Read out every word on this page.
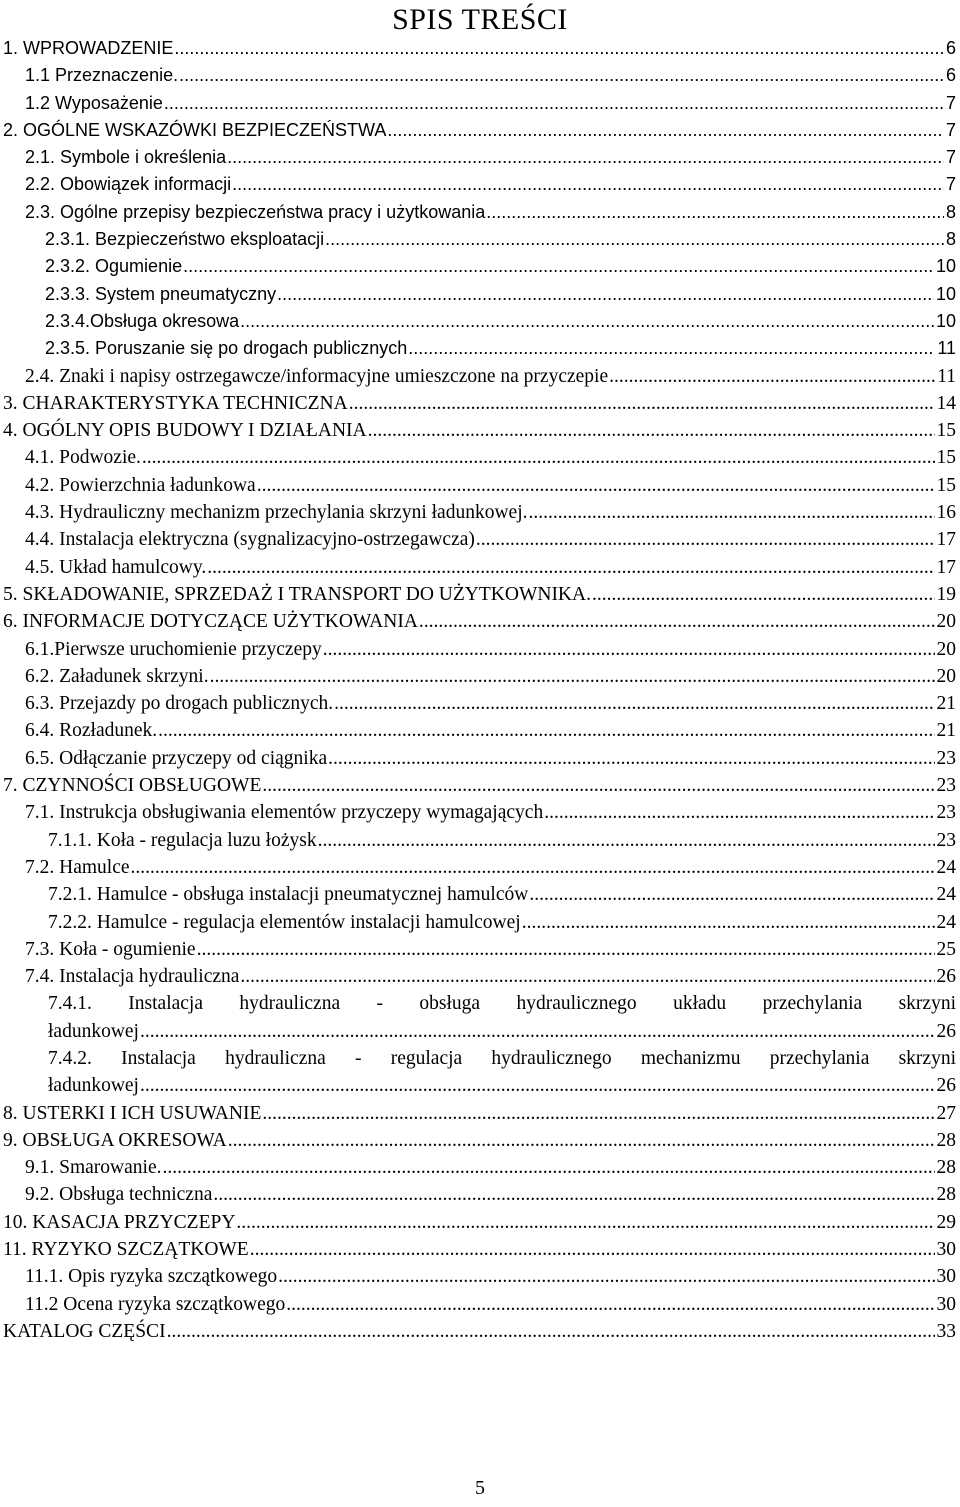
SPIS TREŚCI
1. WPROWADZENIE .....	6
1.1 Przeznaczenie. .....	6
1.2 Wyposażenie .....	7
2. OGÓLNE WSKAZÓWKI BEZPIECZEŃSTWA .....	7
2.1. Symbole i określenia .....	7
2.2. Obowiązek informacji .....	7
2.3. Ogólne przepisy bezpieczeństwa pracy i użytkowania .....	8
2.3.1. Bezpieczeństwo eksploatacji .....	8
2.3.2. Ogumienie .....	10
2.3.3. System pneumatyczny .....	10
2.3.4.Obsługa okresowa .....	10
2.3.5. Poruszanie się po drogach publicznych .....	11
2.4. Znaki i napisy ostrzegawcze/informacyjne umieszczone na przyczepie .....	11
3. CHARAKTERYSTYKA TECHNICZNA .....	14
4. OGÓLNY OPIS BUDOWY I DZIAŁANIA .....	15
4.1. Podwozie. .....	15
4.2. Powierzchnia ładunkowa .....	15
4.3. Hydrauliczny mechanizm przechylania skrzyni ładunkowej. .....	16
4.4. Instalacja elektryczna (sygnalizacyjno-ostrzegawcza) .....	17
4.5. Układ hamulcowy. .....	17
5. SKŁADOWANIE, SPRZEDAŻ I TRANSPORT DO UŻYTKOWNIKA. .....	19
6. INFORMACJE DOTYCZĄCE UŻYTKOWANIA .....	20
6.1.Pierwsze uruchomienie przyczepy .....	20
6.2. Załadunek skrzyni. .....	20
6.3. Przejazdy po drogach publicznych. .....	21
6.4. Rozładunek. .....	21
6.5. Odłączanie przyczepy od ciągnika .....	23
7. CZYNNOŚCI OBSŁUGOWE .....	23
7.1. Instrukcja obsługiwania elementów przyczepy wymagających .....	23
7.1.1. Koła - regulacja luzu łożysk .....	23
7.2. Hamulce .....	24
7.2.1. Hamulce - obsługa instalacji pneumatycznej hamulców .....	24
7.2.2. Hamulce - regulacja elementów instalacji hamulcowej .....	24
7.3. Koła - ogumienie .....	25
7.4. Instalacja hydrauliczna .....	26
7.4.1. Instalacja hydrauliczna - obsługa hydraulicznego układu przechylania skrzyni
ładunkowej .....	26
7.4.2. Instalacja hydrauliczna - regulacja hydraulicznego mechanizmu przechylania skrzyni
ładunkowej .....	26
8. USTERKI I ICH USUWANIE .....	27
9. OBSŁUGA OKRESOWA .....	28
9.1. Smarowanie. .....	28
9.2. Obsługa techniczna .....	28
10. KASACJA PRZYCZEPY .....	29
11. RYZYKO SZCZĄTKOWE .....	30
11.1. Opis ryzyka szczątkowego .....	30
11.2 Ocena ryzyka szczątkowego .....	30
KATALOG CZĘŚCI .....	33
5
